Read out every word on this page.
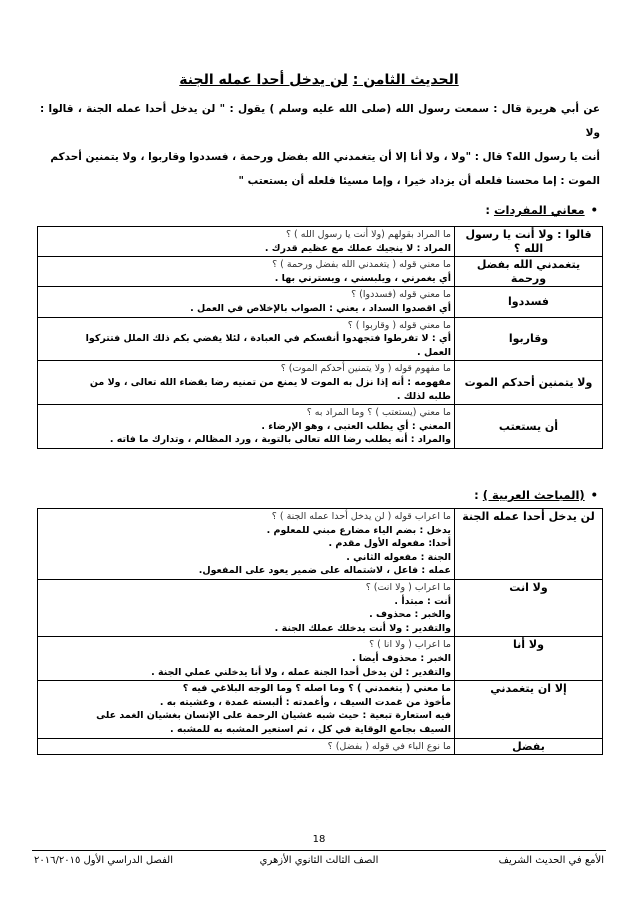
الحديث الثامن : لن يدخل أحدا عمله الجنة

عن أبي هريرة قال : سمعت رسول الله (صلى الله عليه وسلم ) يقول : " لن يدخل أحدا عمله الجنة ، قالوا : ولا

أنت يا رسول الله؟ قال : "ولا ، ولا أنا إلا أن يتغمدني الله بفضل ورحمة ، فسددوا وقاربوا ، ولا يتمنين أحدكم

الموت : إما محسنا فلعله أن يزداد خيرا ، وإما مسيئا فلعله أن يستعتب "

•معاني المفردات :
قالوا : ولا أنت يا رسول الله ؟	ما المراد بقولهم (ولا أنت يا رسول الله ) ؟
المراد : لا ينجيك عملك مع عظيم قدرك .

يتغمدني الله بفضل ورحمة	ما معني قوله ( يتغمدني الله بفضل ورحمة ) ؟
أي يغمرني ، ويلبسني ، ويسترني بها .

فسددوا	ما معني قوله (فسددوا) ؟
أي اقصدوا السداد ، يعني : الصواب بالإخلاص في العمل .

وقاربوا	ما معني قوله ( وقاربوا ) ؟
أي : لا تفرطوا فتجهدوا أنفسكم في العبادة ، لئلا يفضي بكم ذلك الملل فتتركوا
العمل .

ولا يتمنين أحدكم الموت	ما مفهوم قوله ( ولا يتمنين أحدكم الموت) ؟
مفهومه : أنه إذا نزل به الموت لا يمنع من تمنيه رضا بقضاء الله تعالى ، ولا من
طلبه لذلك .

أن يستعتب	ما معني (يستعتب ) ؟ وما المراد به ؟
المعني : أي يطلب العتبى ، وهو الإرضاء .
والمراد : أنه يطلب رضا الله تعالى بالتوبة ، ورد المظالم ، وتدارك ما فاته .
•(المباحث العربية ) :
لن يدخل أحدا عمله الجنة	ما اعراب قوله ( لن يدخل أحدا عمله الجنة ) ؟
يدخل : بضم الياء مضارع مبني للمعلوم .
أحدا: مفعوله الأول مقدم .
الجنة : مفعوله الثاني .
عمله : فاعل ، لاشتماله على ضمير يعود على المفعول.

ولا انت	ما اعراب ( ولا انت) ؟
أنت : مبتدأ .
والخبر : محذوف .
والتقدير : ولا أنت يدخلك عملك الجنة .

ولا أنا	ما اعراب ( ولا انا ) ؟
الخبر : محذوف أيضا .
والتقدير : لن يدخل أحدا الجنة عمله ، ولا أنا يدخلني عملي الجنة .

إلا ان يتغمدني	ما معني ( يتغمدني ) ؟ وما اصله ؟ وما الوجه البلاغي فيه ؟
مأخوذ من غمدت السيف ، وأغمدته : ألبسته غمدة ، وغشيته به .
فيه استعارة تبعية : حيث شبه غشيان الرحمة على الإنسان بغشيان الغمد على
السيف بجامع الوقاية في كل ، ثم استعير المشبه به للمشبه .

بفضل	ما نوع الباء في قوله ( بفضل) ؟
18
الأمع في الحديث الشريف
الصف الثالث الثانوي الأزهري
الفصل الدراسي الأول ٢٠١٦/٢٠١٥
